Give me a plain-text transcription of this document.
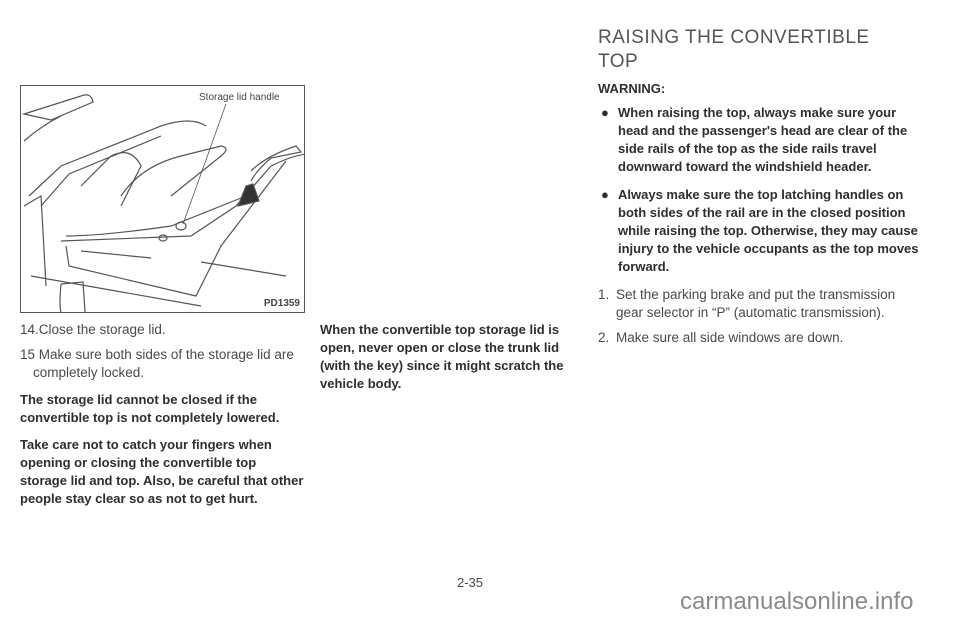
Storage lid handle
PD1359

14.Close the storage lid.

15 Make sure both sides of the storage lid are completely locked.

The storage lid cannot be closed if the convertible top is not completely lowered.

Take care not to catch your fingers when opening or closing the convertible top storage lid and top. Also, be careful that other people stay clear so as not to get hurt.

When the convertible top storage lid is open, never open or close the trunk lid (with the key) since it might scratch the vehicle body.

RAISING THE CONVERTIBLE TOP

WARNING:

● When raising the top, always make sure your head and the passenger's head are clear of the side rails of the top as the side rails travel downward toward the windshield header.
● Always make sure the top latching handles on both sides of the rail are in the closed position while raising the top. Otherwise, they may cause injury to the vehicle occupants as the top moves forward.
1. Set the parking brake and put the transmission gear selector in “P” (automatic transmission).
2. Make sure all side windows are down.
2-35
carmanualsonline.info
